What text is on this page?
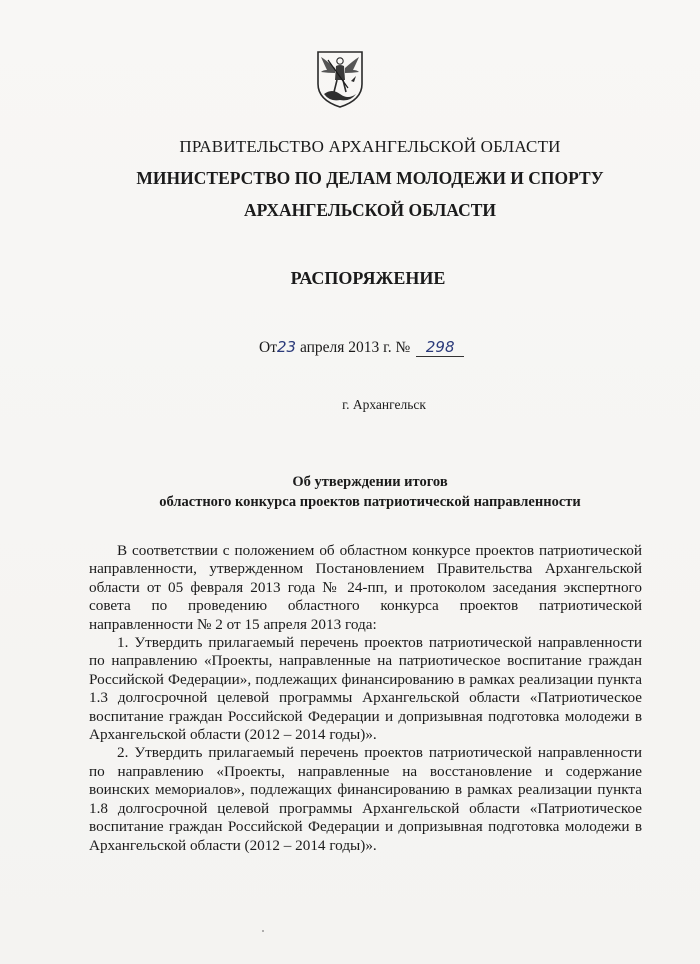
ПРАВИТЕЛЬСТВО АРХАНГЕЛЬСКОЙ ОБЛАСТИ
МИНИСТЕРСТВО ПО ДЕЛАМ МОЛОДЕЖИ И СПОРТУ
АРХАНГЕЛЬСКОЙ ОБЛАСТИ
РАСПОРЯЖЕНИЕ
От23 апреля 2013 г. № 298
г. Архангельск
Об утверждении итогов
областного конкурса проектов патриотической направленности

В соответствии с положением об областном конкурсе проектов патриотической направленности, утвержденном Постановлением Правительства Архангельской области от 05 февраля 2013 года № 24-пп, и протоколом заседания экспертного совета по проведению областного конкурса проектов патриотической направленности № 2 от 15 апреля 2013 года:

1. Утвердить прилагаемый перечень проектов патриотической направленности по направлению «Проекты, направленные на патриотическое воспитание граждан Российской Федерации», подлежащих финансированию в рамках реализации пункта 1.3 долгосрочной целевой программы Архангельской области «Патриотическое воспитание граждан Российской Федерации и допризывная подготовка молодежи в Архангельской области (2012 – 2014 годы)».

2. Утвердить прилагаемый перечень проектов патриотической направленности по направлению «Проекты, направленные на восстановление и содержание воинских мемориалов», подлежащих финансированию в рамках реализации пункта 1.8 долгосрочной целевой программы Архангельской области «Патриотическое воспитание граждан Российской Федерации и допризывная подготовка молодежи в Архангельской области (2012 – 2014 годы)».
